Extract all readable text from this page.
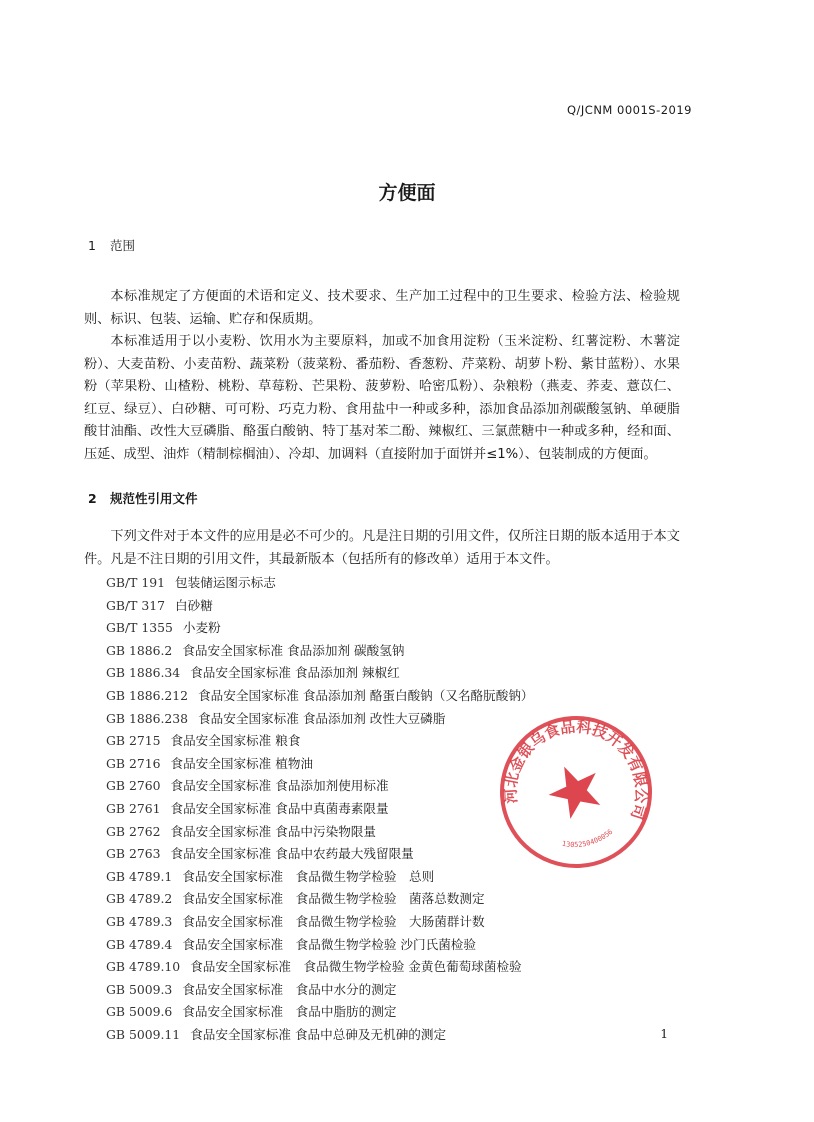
Q/JCNM 0001S-2019
方便面
1 范围

本标准规定了方便面的术语和定义、技术要求、生产加工过程中的卫生要求、检验方法、检验规则、标识、包装、运输、贮存和保质期。

本标准适用于以小麦粉、饮用水为主要原料，加或不加食用淀粉（玉米淀粉、红薯淀粉、木薯淀粉）、大麦苗粉、小麦苗粉、蔬菜粉（菠菜粉、番茄粉、香葱粉、芹菜粉、胡萝卜粉、紫甘蓝粉）、水果粉（苹果粉、山楂粉、桃粉、草莓粉、芒果粉、菠萝粉、哈密瓜粉）、杂粮粉（燕麦、荞麦、薏苡仁、红豆、绿豆）、白砂糖、可可粉、巧克力粉、食用盐中一种或多种，添加食品添加剂碳酸氢钠、单硬脂酸甘油酯、改性大豆磷脂、酪蛋白酸钠、特丁基对苯二酚、辣椒红、三氯蔗糖中一种或多种，经和面、压延、成型、油炸（精制棕榈油）、冷却、加调料（直接附加于面饼并≤1%）、包装制成的方便面。

2 规范性引用文件

下列文件对于本文件的应用是必不可少的。凡是注日期的引用文件，仅所注日期的版本适用于本文件。凡是不注日期的引用文件，其最新版本（包括所有的修改单）适用于本文件。

GB/T 191 包装储运图示标志
GB/T 317 白砂糖
GB/T 1355 小麦粉
GB 1886.2 食品安全国家标准 食品添加剂 碳酸氢钠
GB 1886.34 食品安全国家标准 食品添加剂 辣椒红
GB 1886.212 食品安全国家标准 食品添加剂 酪蛋白酸钠（又名酪朊酸钠）
GB 1886.238 食品安全国家标准 食品添加剂 改性大豆磷脂
GB 2715 食品安全国家标准 粮食
GB 2716 食品安全国家标准 植物油
GB 2760 食品安全国家标准 食品添加剂使用标准
GB 2761 食品安全国家标准 食品中真菌毒素限量
GB 2762 食品安全国家标准 食品中污染物限量
GB 2763 食品安全国家标准 食品中农药最大残留限量
GB 4789.1 食品安全国家标准　食品微生物学检验　总则
GB 4789.2 食品安全国家标准　食品微生物学检验　菌落总数测定
GB 4789.3 食品安全国家标准　食品微生物学检验　大肠菌群计数
GB 4789.4 食品安全国家标准　食品微生物学检验 沙门氏菌检验
GB 4789.10 食品安全国家标准　食品微生物学检验 金黄色葡萄球菌检验
GB 5009.3 食品安全国家标准　食品中水分的测定
GB 5009.6 食品安全国家标准　食品中脂肪的测定
GB 5009.11 食品安全国家标准 食品中总砷及无机砷的测定
河北金银乌食品科技开发有限公司
1305250400056
1
